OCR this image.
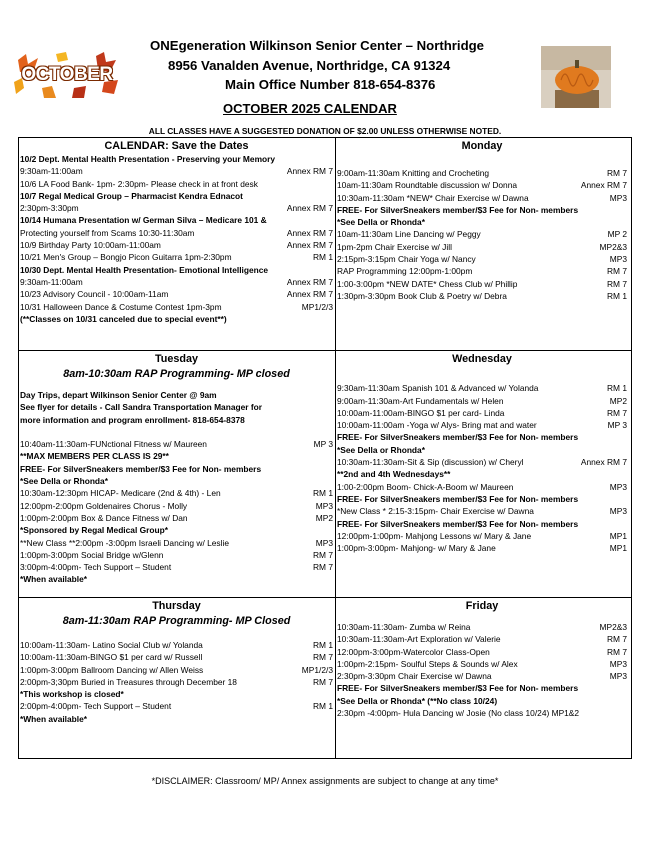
OCTOBER
ONEgeneration Wilkinson Senior Center – Northridge
8956 Vanalden Avenue, Northridge, CA 91324
Main Office Number 818-654-8376
OCTOBER 2025 CALENDAR
ALL CLASSES HAVE A SUGGESTED DONATION OF $2.00 UNLESS OTHERWISE NOTED.
CALENDAR: Save the Dates
10/2 Dept. Mental Health Presentation - Preserving your Memory
9:30am-11:00am	Annex RM 7
10/6 LA Food Bank- 1pm- 2:30pm- Please check in at front desk
10/7 Regal Medical Group – Pharmacist Kendra Ednacot
2:30pm-3:30pm	Annex RM 7
10/14 Humana Presentation w/ German Silva – Medicare 101 &
Protecting yourself from Scams 10:30-11:30am	Annex RM 7
10/9 Birthday Party 10:00am-11:00am	Annex RM 7
10/21 Men's Group – Bongjo Picon Guitarra 1pm-2:30pm	RM 1
10/30 Dept. Mental Health Presentation- Emotional Intelligence
9:30am-11:00am	Annex RM 7
10/23 Advisory Council - 10:00am-11am	Annex RM 7
10/31 Halloween Dance & Costume Contest 1pm-3pm	MP1/2/3
(**Classes on 10/31 canceled due to special event**)
Monday
9:00am-11:30am Knitting and Crocheting	RM 7
10am-11:30am Roundtable discussion w/ Donna	Annex RM 7
10:30am-11:30am *NEW* Chair Exercise w/ Dawna	MP3
FREE- For SilverSneakers member/$3 Fee for Non- members
*See Della or Rhonda*
10am-11:30am Line Dancing w/ Peggy	MP 2
1pm-2pm Chair Exercise w/ Jill	MP2&3
2:15pm-3:15pm Chair Yoga w/ Nancy	MP3
RAP Programming 12:00pm-1:00pm	RM 7
1:00-3:00pm *NEW DATE* Chess Club w/ Phillip	RM 7
1:30pm-3:30pm Book Club & Poetry w/ Debra	RM 1
Tuesday
8am-10:30am RAP Programming- MP closed
Day Trips, depart Wilkinson Senior Center @ 9am
See flyer for details - Call Sandra Transportation Manager for
more information and program enrollment- 818-654-8378
10:40am-11:30am-FUNctional Fitness w/ Maureen	MP 3
**MAX MEMBERS PER CLASS IS 29**
FREE- For SilverSneakers member/$3 Fee for Non- members
*See Della or Rhonda*
10:30am-12:30pm HICAP- Medicare (2nd & 4th) - Len	RM 1
12:00pm-2:00pm Goldenaires Chorus - Molly	MP3
1:00pm-2:00pm Box & Dance Fitness w/ Dan	MP2
*Sponsored by Regal Medical Group*
**New Class **2:00pm -3:00pm Israeli Dancing w/ Leslie	MP3
1:00pm-3:00pm Social Bridge w/Glenn	RM 7
3:00pm-4:00pm- Tech Support – Student	RM 7
*When available*
Wednesday
9:30am-11:30am Spanish 101 & Advanced w/ Yolanda	RM 1
9:00am-11:30am-Art Fundamentals w/ Helen	MP2
10:00am-11:00am-BINGO $1 per card- Linda	RM 7
10:00am-11:00am -Yoga w/ Alys- Bring mat and water	MP 3
FREE- For SilverSneakers member/$3 Fee for Non- members
*See Della or Rhonda*
10:30am-11:30am-Sit & Sip (discussion) w/ Cheryl	Annex RM 7
**2nd and 4th Wednesdays**
1:00-2:00pm Boom- Chick-A-Boom w/ Maureen	MP3
FREE- For SilverSneakers member/$3 Fee for Non- members
*New Class * 2:15-3:15pm- Chair Exercise w/ Dawna	MP3
FREE- For SilverSneakers member/$3 Fee for Non- members
12:00pm-1:00pm- Mahjong Lessons w/ Mary & Jane	MP1
1:00pm-3:00pm- Mahjong- w/ Mary & Jane	MP1
Thursday
8am-11:30am RAP Programming- MP Closed
10:00am-11:30am- Latino Social Club w/ Yolanda	RM 1
10:00am-11:30am-BINGO $1 per card w/ Russell	RM 7
1:00pm-3:00pm Ballroom Dancing w/ Allen Weiss	MP1/2/3
2:00pm-3;30pm Buried in Treasures through December 18	RM 7
*This workshop is closed*
2:00pm-4:00pm- Tech Support – Student	RM 1
*When available*
Friday
10:30am-11:30am- Zumba w/ Reina	MP2&3
10:30am-11:30am-Art Exploration w/ Valerie	RM 7
12:00pm-3:00pm-Watercolor Class-Open	RM 7
1:00pm-2:15pm- Soulful Steps & Sounds w/ Alex	MP3
2:30pm-3:30pm Chair Exercise w/ Dawna	MP3
FREE- For SilverSneakers member/$3 Fee for Non- members
*See Della or Rhonda* (**No class 10/24)
2:30pm -4:00pm- Hula Dancing w/ Josie (No class 10/24) MP1&2
*DISCLAIMER: Classroom/ MP/ Annex assignments are subject to change at any time*
